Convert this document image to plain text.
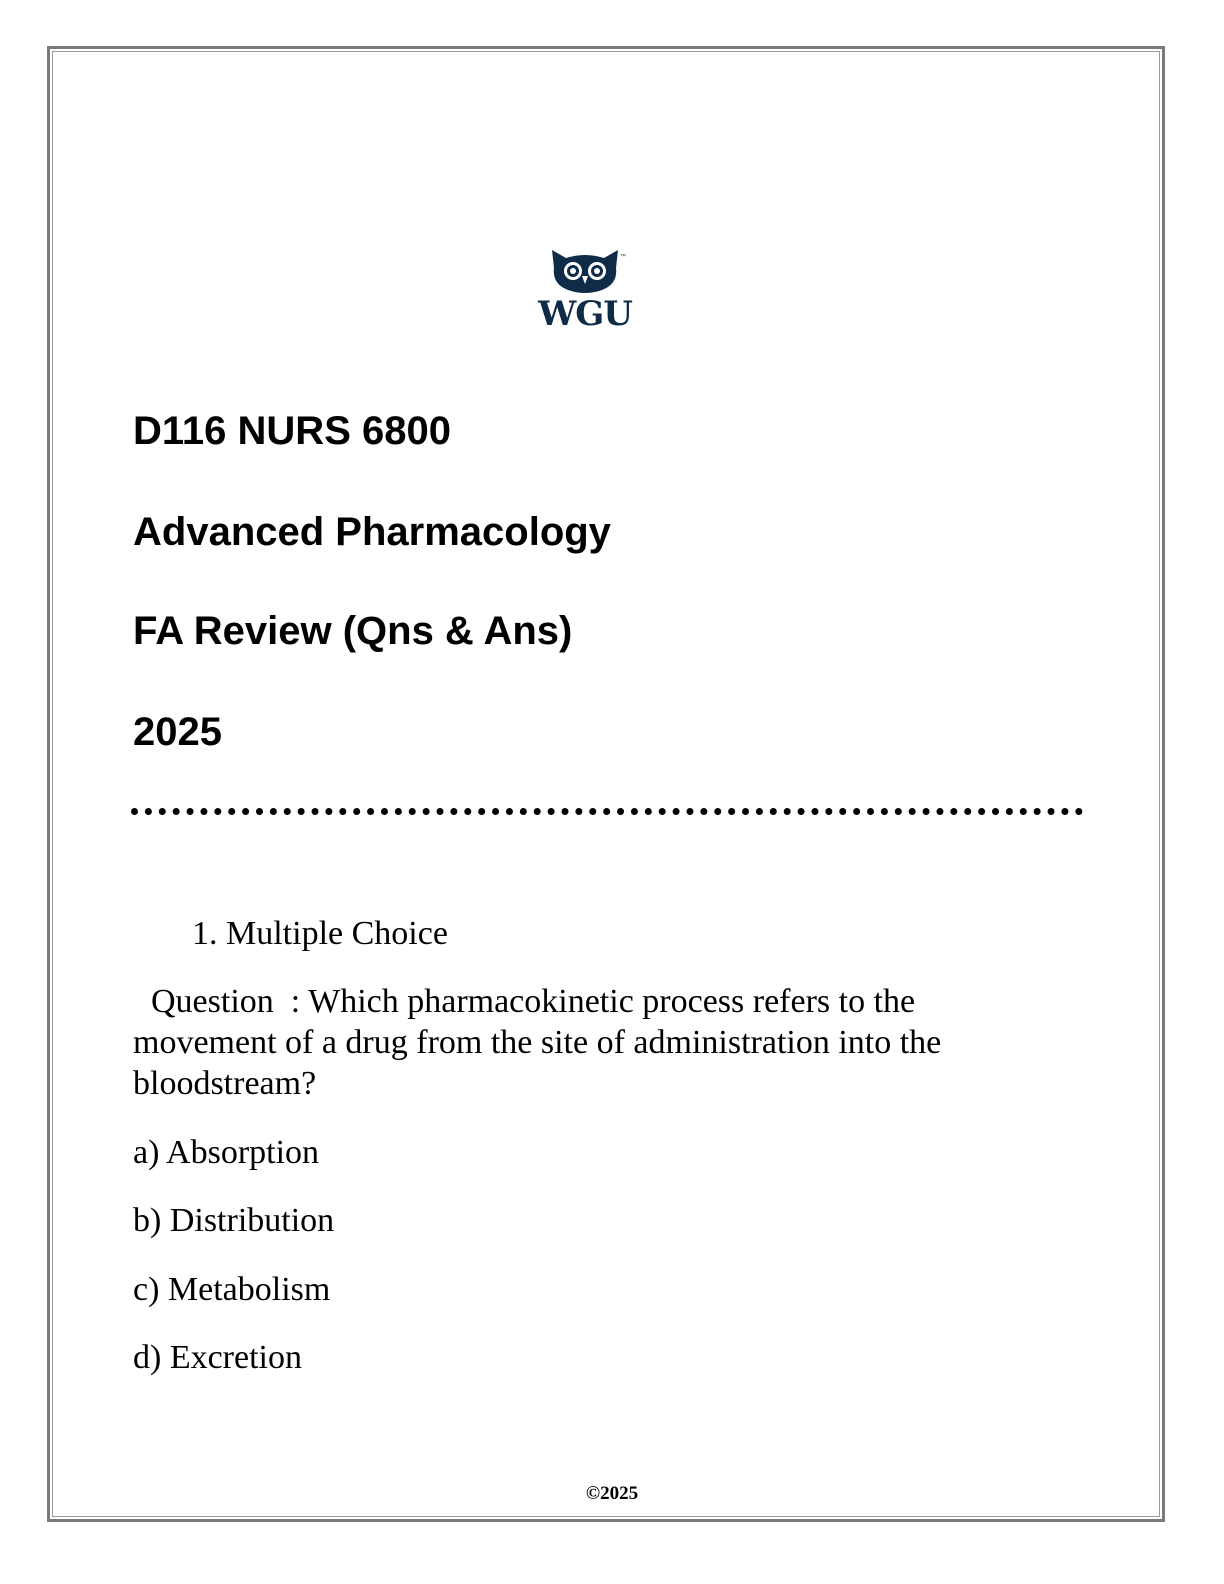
™
WGU
D116 NURS 6800
Advanced Pharmacology
FA Review (Qns & Ans)
2025
1. Multiple Choice
Question  : Which pharmacokinetic process refers to the movement of a drug from the site of administration into the bloodstream?
a) Absorption
b) Distribution
c) Metabolism
d) Excretion
©2025
